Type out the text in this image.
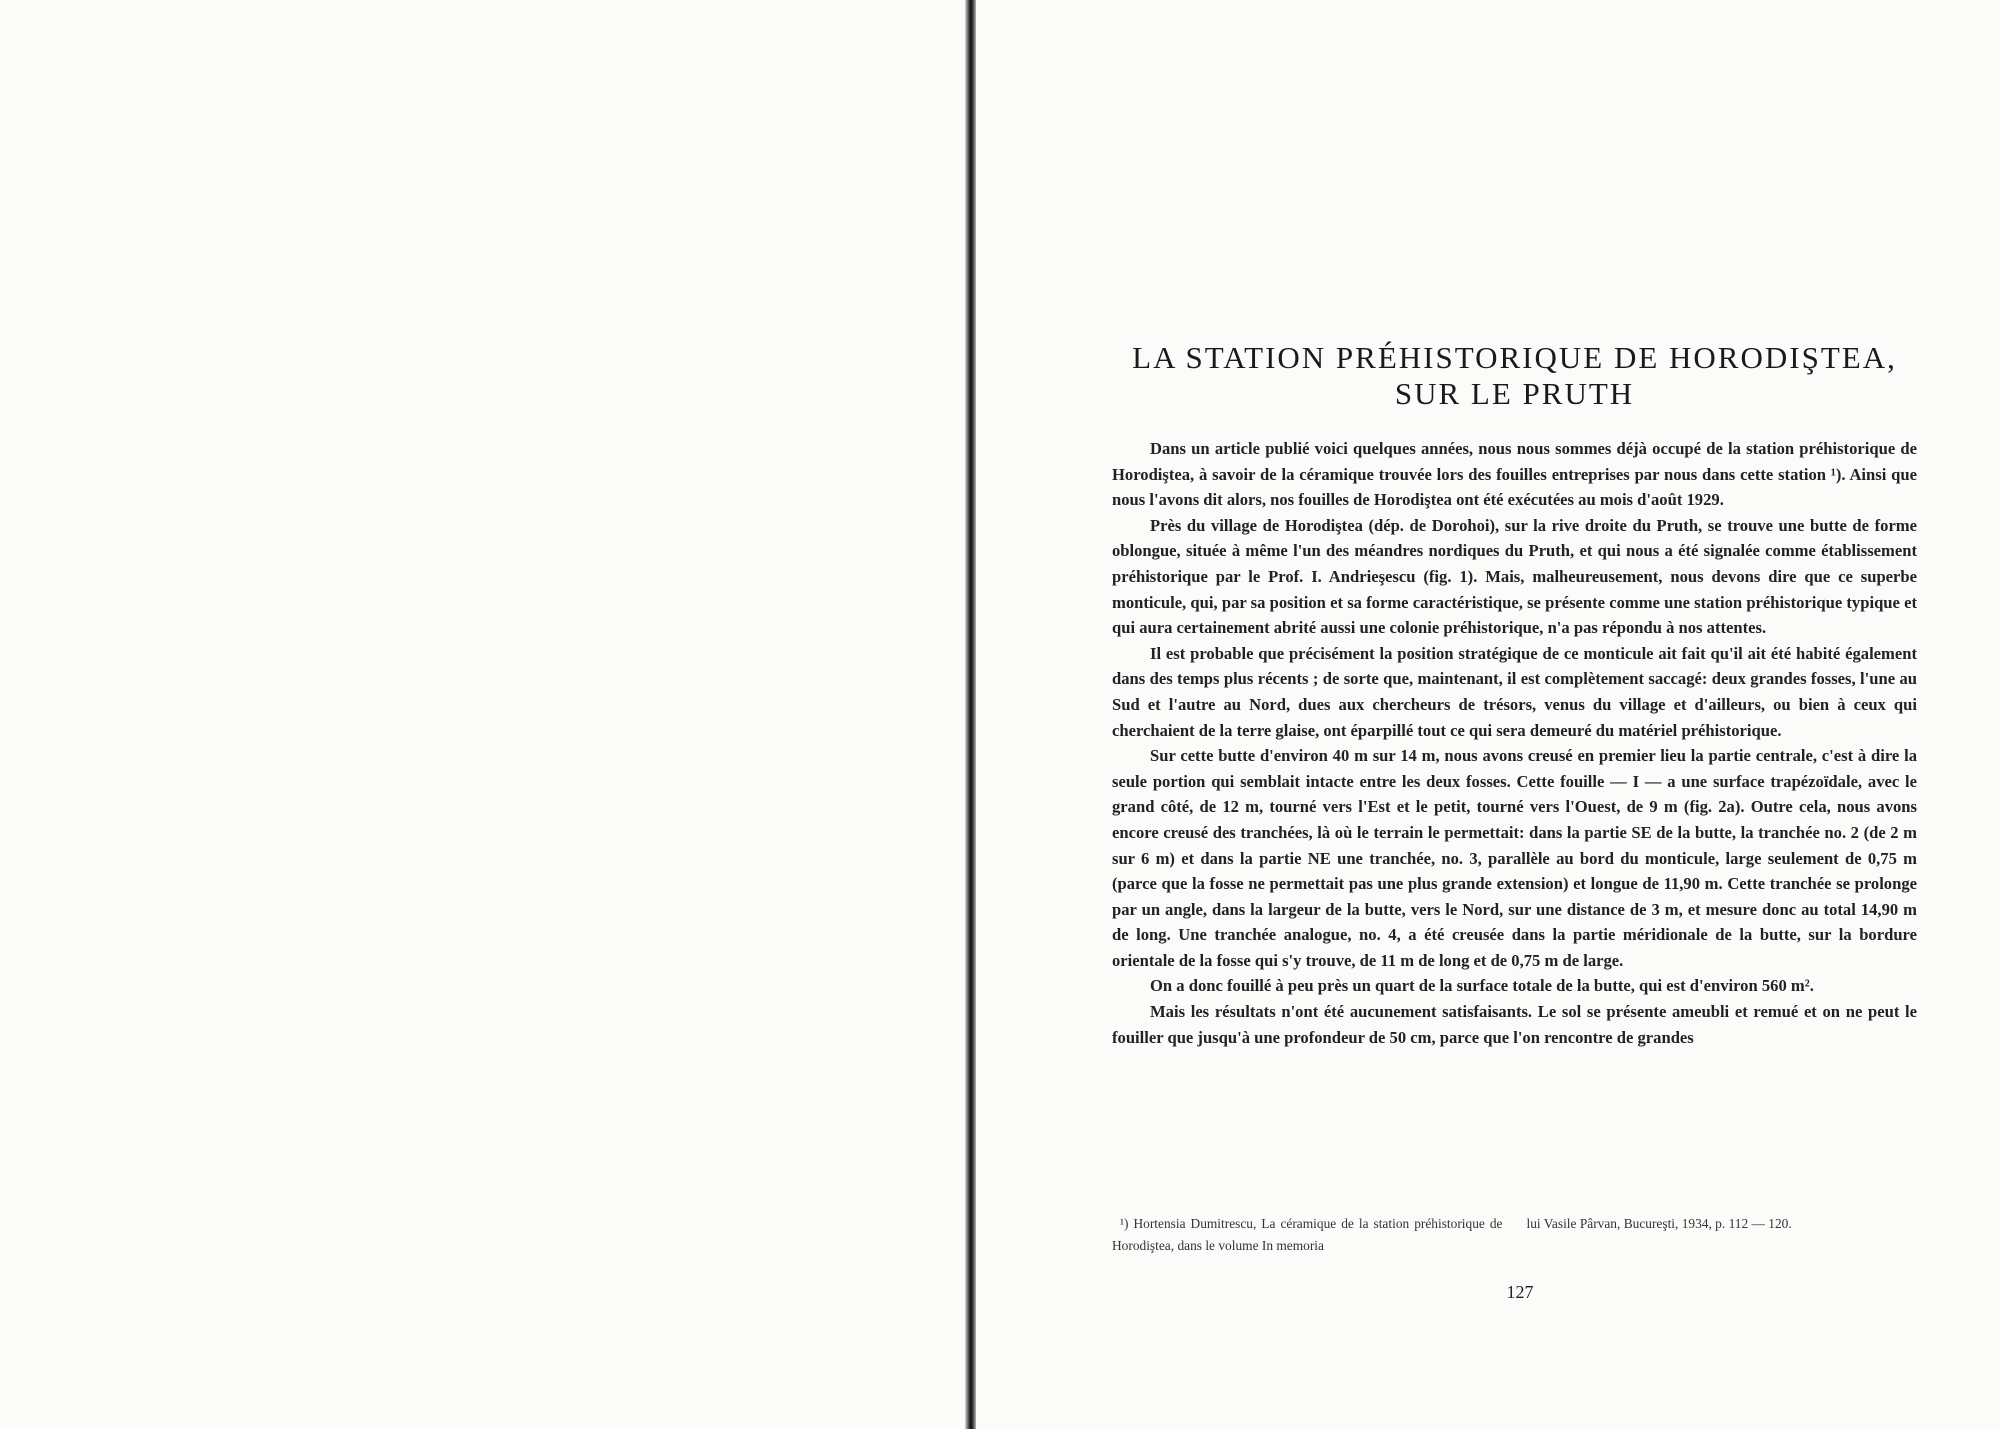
LA STATION PRÉHISTORIQUE DE HORODIŞTEA,
SUR LE PRUTH

Dans un article publié voici quelques années, nous nous sommes déjà occupé de la station préhistorique de Horodiştea, à savoir de la céramique trouvée lors des fouilles entreprises par nous dans cette station ¹). Ainsi que nous l'avons dit alors, nos fouilles de Horodiştea ont été exécutées au mois d'août 1929.

Près du village de Horodiştea (dép. de Dorohoi), sur la rive droite du Pruth, se trouve une butte de forme oblongue, située à même l'un des méandres nordiques du Pruth, et qui nous a été signalée comme établissement préhistorique par le Prof. I. Andrieşescu (fig. 1). Mais, malheureusement, nous devons dire que ce superbe monticule, qui, par sa position et sa forme caractéristique, se présente comme une station préhistorique typique et qui aura certainement abrité aussi une colonie préhistorique, n'a pas répondu à nos attentes.

Il est probable que précisément la position stratégique de ce monticule ait fait qu'il ait été habité également dans des temps plus récents ; de sorte que, maintenant, il est complètement saccagé: deux grandes fosses, l'une au Sud et l'autre au Nord, dues aux chercheurs de trésors, venus du village et d'ailleurs, ou bien à ceux qui cherchaient de la terre glaise, ont éparpillé tout ce qui sera demeuré du matériel préhistorique.

Sur cette butte d'environ 40 m sur 14 m, nous avons creusé en premier lieu la partie centrale, c'est à dire la seule portion qui semblait intacte entre les deux fosses. Cette fouille — I — a une surface trapézoïdale, avec le grand côté, de 12 m, tourné vers l'Est et le petit, tourné vers l'Ouest, de 9 m (fig. 2a). Outre cela, nous avons encore creusé des tranchées, là où le terrain le permettait: dans la partie SE de la butte, la tranchée no. 2 (de 2 m sur 6 m) et dans la partie NE une tranchée, no. 3, parallèle au bord du monticule, large seulement de 0,75 m (parce que la fosse ne permettait pas une plus grande extension) et longue de 11,90 m. Cette tranchée se prolonge par un angle, dans la largeur de la butte, vers le Nord, sur une distance de 3 m, et mesure donc au total 14,90 m de long. Une tranchée analogue, no. 4, a été creusée dans la partie méridionale de la butte, sur la bordure orientale de la fosse qui s'y trouve, de 11 m de long et de 0,75 m de large.

On a donc fouillé à peu près un quart de la surface totale de la butte, qui est d'environ 560 m².

Mais les résultats n'ont été aucunement satisfaisants. Le sol se présente ameubli et remué et on ne peut le fouiller que jusqu'à une profondeur de 50 cm, parce que l'on rencontre de grandes

¹) Hortensia Dumitrescu, La céramique de la station préhistorique de Horodiştea, dans le volume In memoria
lui Vasile Pârvan, Bucureşti, 1934, p. 112 — 120.
127
